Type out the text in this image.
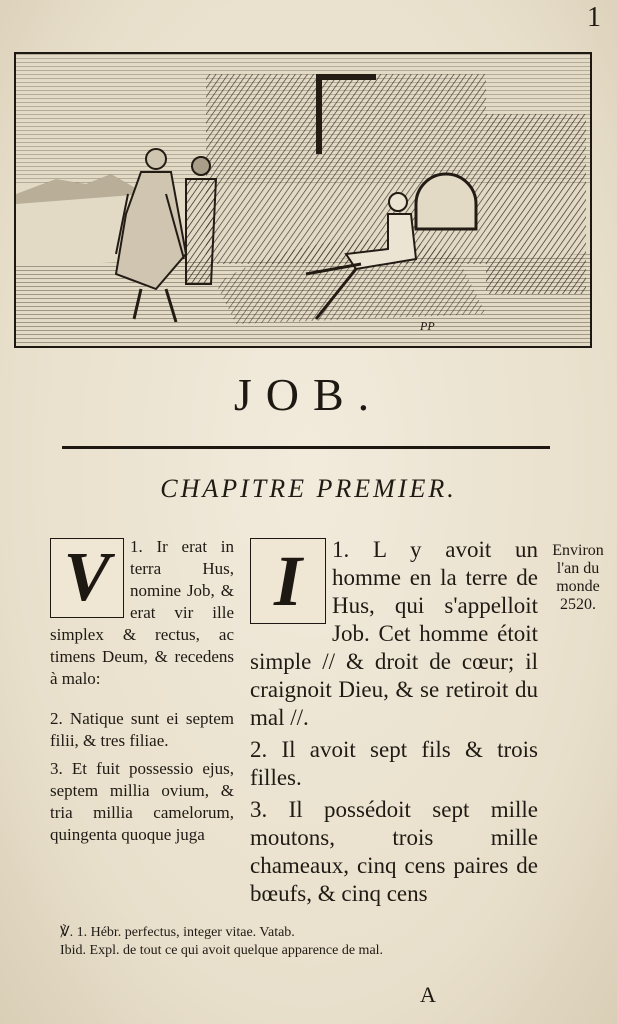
1
PP
JOB.
CHAPITRE PREMIER.

1.
V	Ir erat in terra Hus, nomine Job, & erat vir ille simplex & rectus, ac timens Deum, & recedens à malo:

2. Natique sunt ei septem filii, & tres filiae.

3. Et fuit possessio ejus, septem millia ovium, & tria millia camelorum, quingenta quoque juga

1.
I	L y avoit un homme en la terre de Hus, qui s'appelloit Job. Cet homme étoit simple // & droit de cœur; il craignoit Dieu, & se retiroit du mal //.

2. Il avoit sept fils & trois filles.

3. Il possédoit sept mille moutons, trois mille chameaux, cinq cens paires de bœufs, & cinq cens

Environ l'an du monde 2520.

℣. 1. Hébr. perfectus, integer vitae. Vatab.

Ibid. Expl. de tout ce qui avoit quelque apparence de mal.

A
